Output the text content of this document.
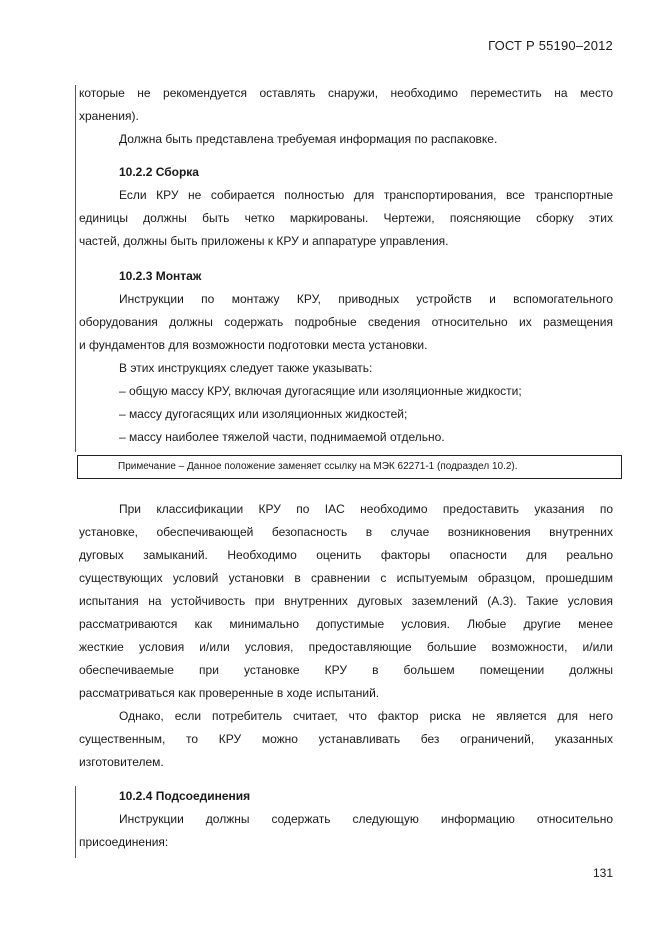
ГОСТ Р 55190–2012

которые не рекомендуется оставлять снаружи, необходимо переместить на место

хранения).

Должна быть представлена требуемая информация по распаковке.

10.2.2 Сборка

Если КРУ не собирается полностью для транспортирования, все транспортные

единицы должны быть четко маркированы. Чертежи, поясняющие сборку этих

частей, должны быть приложены к КРУ и аппаратуре управления.

10.2.3 Монтаж

Инструкции по монтажу КРУ, приводных устройств и вспомогательного

оборудования должны содержать подробные сведения относительно их размещения

и фундаментов для возможности подготовки места установки.

В этих инструкциях следует также указывать:

– общую массу КРУ, включая дугогасящие или изоляционные жидкости;

– массу дугогасящих или изоляционных жидкостей;

– массу наиболее тяжелой части, поднимаемой отдельно.

Примечание – Данное положение заменяет ссылку на МЭК 62271-1 (подраздел 10.2).

При классификации КРУ по IAC необходимо предоставить указания по

установке, обеспечивающей безопасность в случае возникновения внутренних

дуговых замыканий. Необходимо оценить факторы опасности для реально

существующих условий установки в сравнении с испытуемым образцом, прошедшим

испытания на устойчивость при внутренних дуговых заземлений (А.3). Такие условия

рассматриваются как минимально допустимые условия. Любые другие менее

жесткие условия и/или условия, предоставляющие большие возможности, и/или

обеспечиваемые при установке КРУ в большем помещении должны

рассматриваться как проверенные в ходе испытаний.

Однако, если потребитель считает, что фактор риска не является для него

существенным, то КРУ можно устанавливать без ограничений, указанных

изготовителем.

10.2.4 Подсоединения

Инструкции должны содержать следующую информацию относительно

присоединения:

131
